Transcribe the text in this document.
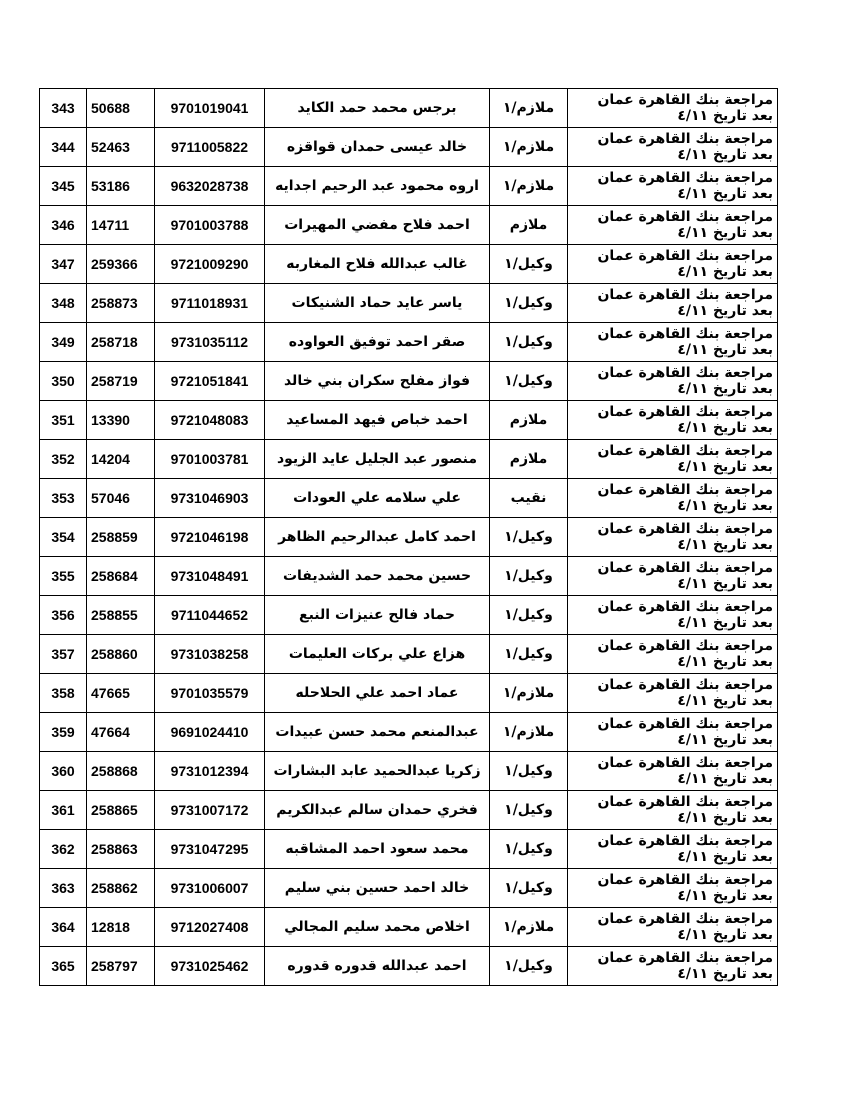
مراجعة بنك القاهرة عمان بعد تاريخ ٤/١١	ملازم/١	برجس محمد حمد الكايد	9701019041	50688	343
مراجعة بنك القاهرة عمان بعد تاريخ ٤/١١	ملازم/١	خالد عيسى حمدان قواقزه	9711005822	52463	344
مراجعة بنك القاهرة عمان بعد تاريخ ٤/١١	ملازم/١	اروه محمود عبد الرحيم اجدايه	9632028738	53186	345
مراجعة بنك القاهرة عمان بعد تاريخ ٤/١١	ملازم	احمد فلاح مفضي المهيرات	9701003788	14711	346
مراجعة بنك القاهرة عمان بعد تاريخ ٤/١١	وكيل/١	غالب عبدالله فلاح المغاربه	9721009290	259366	347
مراجعة بنك القاهرة عمان بعد تاريخ ٤/١١	وكيل/١	ياسر عايد حماد الشنيكات	9711018931	258873	348
مراجعة بنك القاهرة عمان بعد تاريخ ٤/١١	وكيل/١	صقر احمد توفيق العواوده	9731035112	258718	349
مراجعة بنك القاهرة عمان بعد تاريخ ٤/١١	وكيل/١	فواز مفلح سكران بني خالد	9721051841	258719	350
مراجعة بنك القاهرة عمان بعد تاريخ ٤/١١	ملازم	احمد خباص فيهد المساعيد	9721048083	13390	351
مراجعة بنك القاهرة عمان بعد تاريخ ٤/١١	ملازم	منصور عبد الجليل عايد الزيود	9701003781	14204	352
مراجعة بنك القاهرة عمان بعد تاريخ ٤/١١	نقيب	علي سلامه علي العودات	9731046903	57046	353
مراجعة بنك القاهرة عمان بعد تاريخ ٤/١١	وكيل/١	احمد كامل عبدالرحيم الظاهر	9721046198	258859	354
مراجعة بنك القاهرة عمان بعد تاريخ ٤/١١	وكيل/١	حسين محمد حمد الشديفات	9731048491	258684	355
مراجعة بنك القاهرة عمان بعد تاريخ ٤/١١	وكيل/١	حماد فالح عنيزات النبع	9711044652	258855	356
مراجعة بنك القاهرة عمان بعد تاريخ ٤/١١	وكيل/١	هزاع علي بركات العليمات	9731038258	258860	357
مراجعة بنك القاهرة عمان بعد تاريخ ٤/١١	ملازم/١	عماد احمد علي الحلاحله	9701035579	47665	358
مراجعة بنك القاهرة عمان بعد تاريخ ٤/١١	ملازم/١	عبدالمنعم محمد حسن عبيدات	9691024410	47664	359
مراجعة بنك القاهرة عمان بعد تاريخ ٤/١١	وكيل/١	زكريا عبدالحميد عابد البشارات	9731012394	258868	360
مراجعة بنك القاهرة عمان بعد تاريخ ٤/١١	وكيل/١	فخري حمدان سالم عبدالكريم	9731007172	258865	361
مراجعة بنك القاهرة عمان بعد تاريخ ٤/١١	وكيل/١	محمد سعود احمد المشاقبه	9731047295	258863	362
مراجعة بنك القاهرة عمان بعد تاريخ ٤/١١	وكيل/١	خالد احمد حسين بني سليم	9731006007	258862	363
مراجعة بنك القاهرة عمان بعد تاريخ ٤/١١	ملازم/١	اخلاص محمد سليم المجالي	9712027408	12818	364
مراجعة بنك القاهرة عمان بعد تاريخ ٤/١١	وكيل/١	احمد عبدالله قدوره قدوره	9731025462	258797	365
